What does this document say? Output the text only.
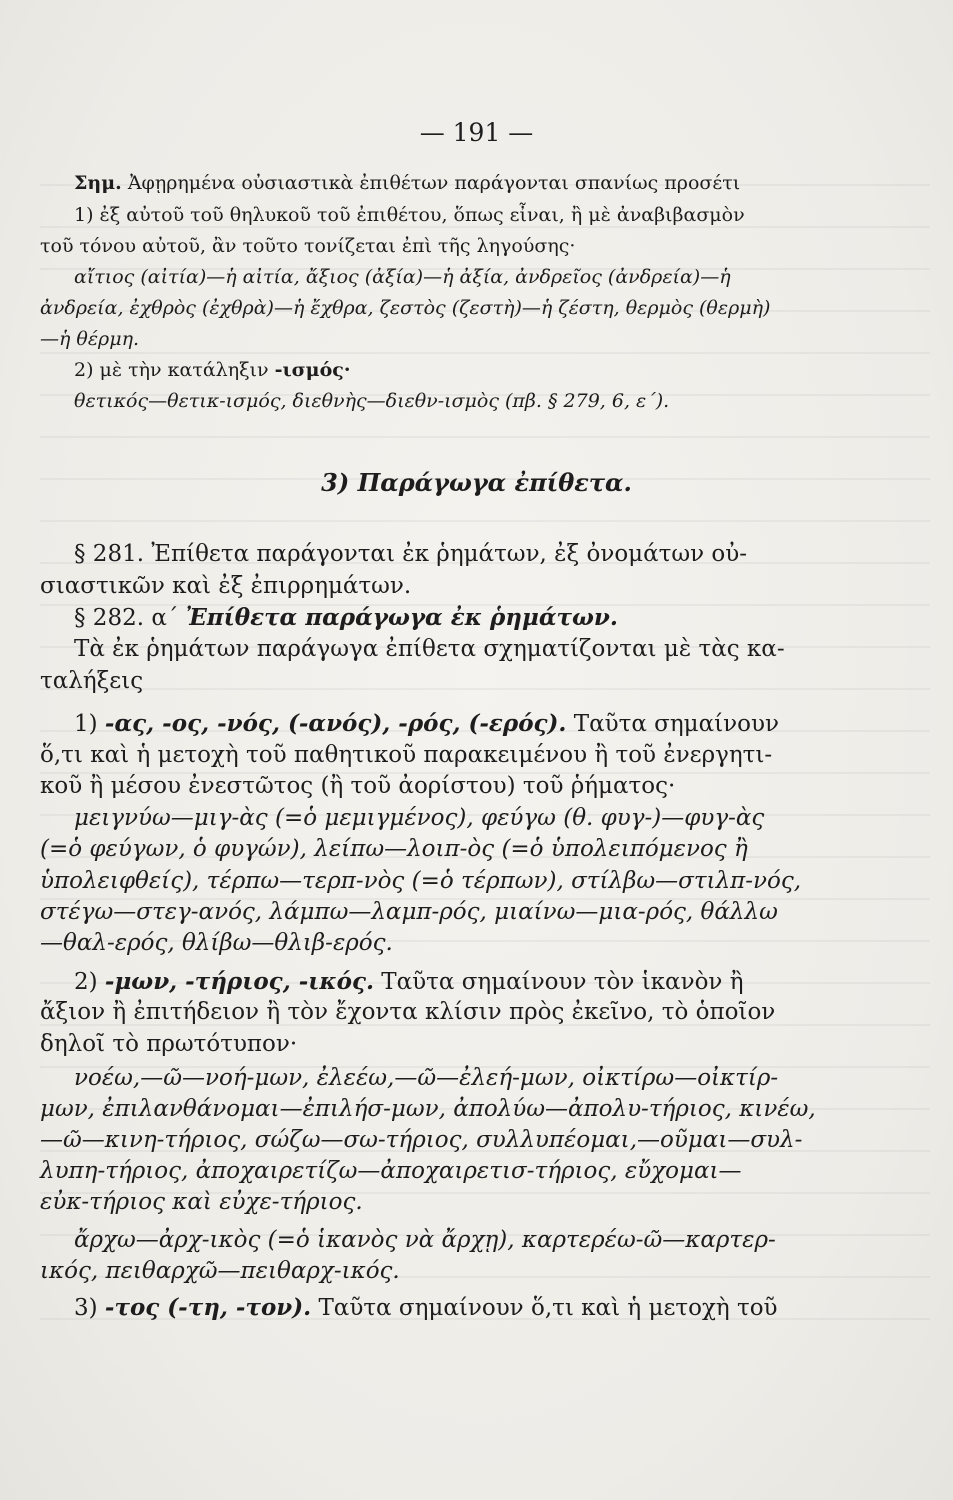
— 191 —
Σημ. Ἀφῃρημένα οὐσιαστικὰ ἐπιθέτων παράγονται σπανίως προσέτι
1) ἐξ αὐτοῦ τοῦ θηλυκοῦ τοῦ ἐπιθέτου, ὅπως εἶναι, ἢ μὲ ἀναβιβασμὸν
τοῦ τόνου αὐτοῦ, ἂν τοῦτο τονίζεται ἐπὶ τῆς ληγούσης·
αἴτιος (αἰτία)—ἡ αἰτία, ἄξιος (ἀξία)—ἡ ἀξία, ἀνδρεῖος (ἀνδρεία)—ἡ
ἀνδρεία, ἐχθρὸς (ἐχθρὰ)—ἡ ἔχθρα, ζεστὸς (ζεστὴ)—ἡ ζέστη, θερμὸς (θερμὴ)
—ἡ θέρμη.
2) μὲ τὴν κατάληξιν -ισμός·
θετικός—θετικ-ισμός, διεθνὴς—διεθν-ισμὸς (πβ. § 279, 6, ε΄).
3) Παράγωγα ἐπίθετα.
§ 281. Ἐπίθετα παράγονται ἐκ ῥημάτων, ἐξ ὀνομάτων οὐ-
σιαστικῶν καὶ ἐξ ἐπιρρημάτων.
§ 282. α΄ Ἐπίθετα παράγωγα ἐκ ῥημάτων.
Τὰ ἐκ ῥημάτων παράγωγα ἐπίθετα σχηματίζονται μὲ τὰς κα-
ταλήξεις
1) -ας, -ος, -νός, (-ανός), -ρός, (-ερός). Ταῦτα σημαίνουν
ὅ,τι καὶ ἡ μετοχὴ τοῦ παθητικοῦ παρακειμένου ἢ τοῦ ἐνεργητι-
κοῦ ἢ μέσου ἐνεστῶτος (ἢ τοῦ ἀορίστου) τοῦ ῥήματος·
μειγνύω—μιγ-ὰς (=ὁ μεμιγμένος), φεύγω (θ. φυγ-)—φυγ-ὰς
(=ὁ φεύγων, ὁ φυγών), λείπω—λοιπ-ὸς (=ὁ ὑπολειπόμενος ἢ
ὑπολειφθείς), τέρπω—τερπ-νὸς (=ὁ τέρπων), στίλβω—στιλπ-νός,
στέγω—στεγ-ανός, λάμπω—λαμπ-ρός, μιαίνω—μια-ρός, θάλλω
—θαλ-ερός, θλίβω—θλιβ-ερός.
2) -μων, -τήριος, -ικός. Ταῦτα σημαίνουν τὸν ἱκανὸν ἢ
ἄξιον ἢ ἐπιτήδειον ἢ τὸν ἔχοντα κλίσιν πρὸς ἐκεῖνο, τὸ ὁποῖον
δηλοῖ τὸ πρωτότυπον·
νοέω,—ῶ—νοή-μων, ἐλεέω,—ῶ—ἐλεή-μων, οἰκτίρω—οἰκτίρ-
μων, ἐπιλανθάνομαι—ἐπιλήσ-μων, ἀπολύω—ἀπολυ-τήριος, κινέω,
—ῶ—κινη-τήριος, σώζω—σω-τήριος, συλλυπέομαι,—οῦμαι—συλ-
λυπη-τήριος, ἀποχαιρετίζω—ἀποχαιρετισ-τήριος, εὔχομαι—
εὐκ-τήριος καὶ εὐχε-τήριος.
ἄρχω—ἀρχ-ικὸς (=ὁ ἱκανὸς νὰ ἄρχῃ), καρτερέω-ῶ—καρτερ-
ικός, πειθαρχῶ—πειθαρχ-ικός.
3) -τος (-τη, -τον). Ταῦτα σημαίνουν ὅ,τι καὶ ἡ μετοχὴ τοῦ
